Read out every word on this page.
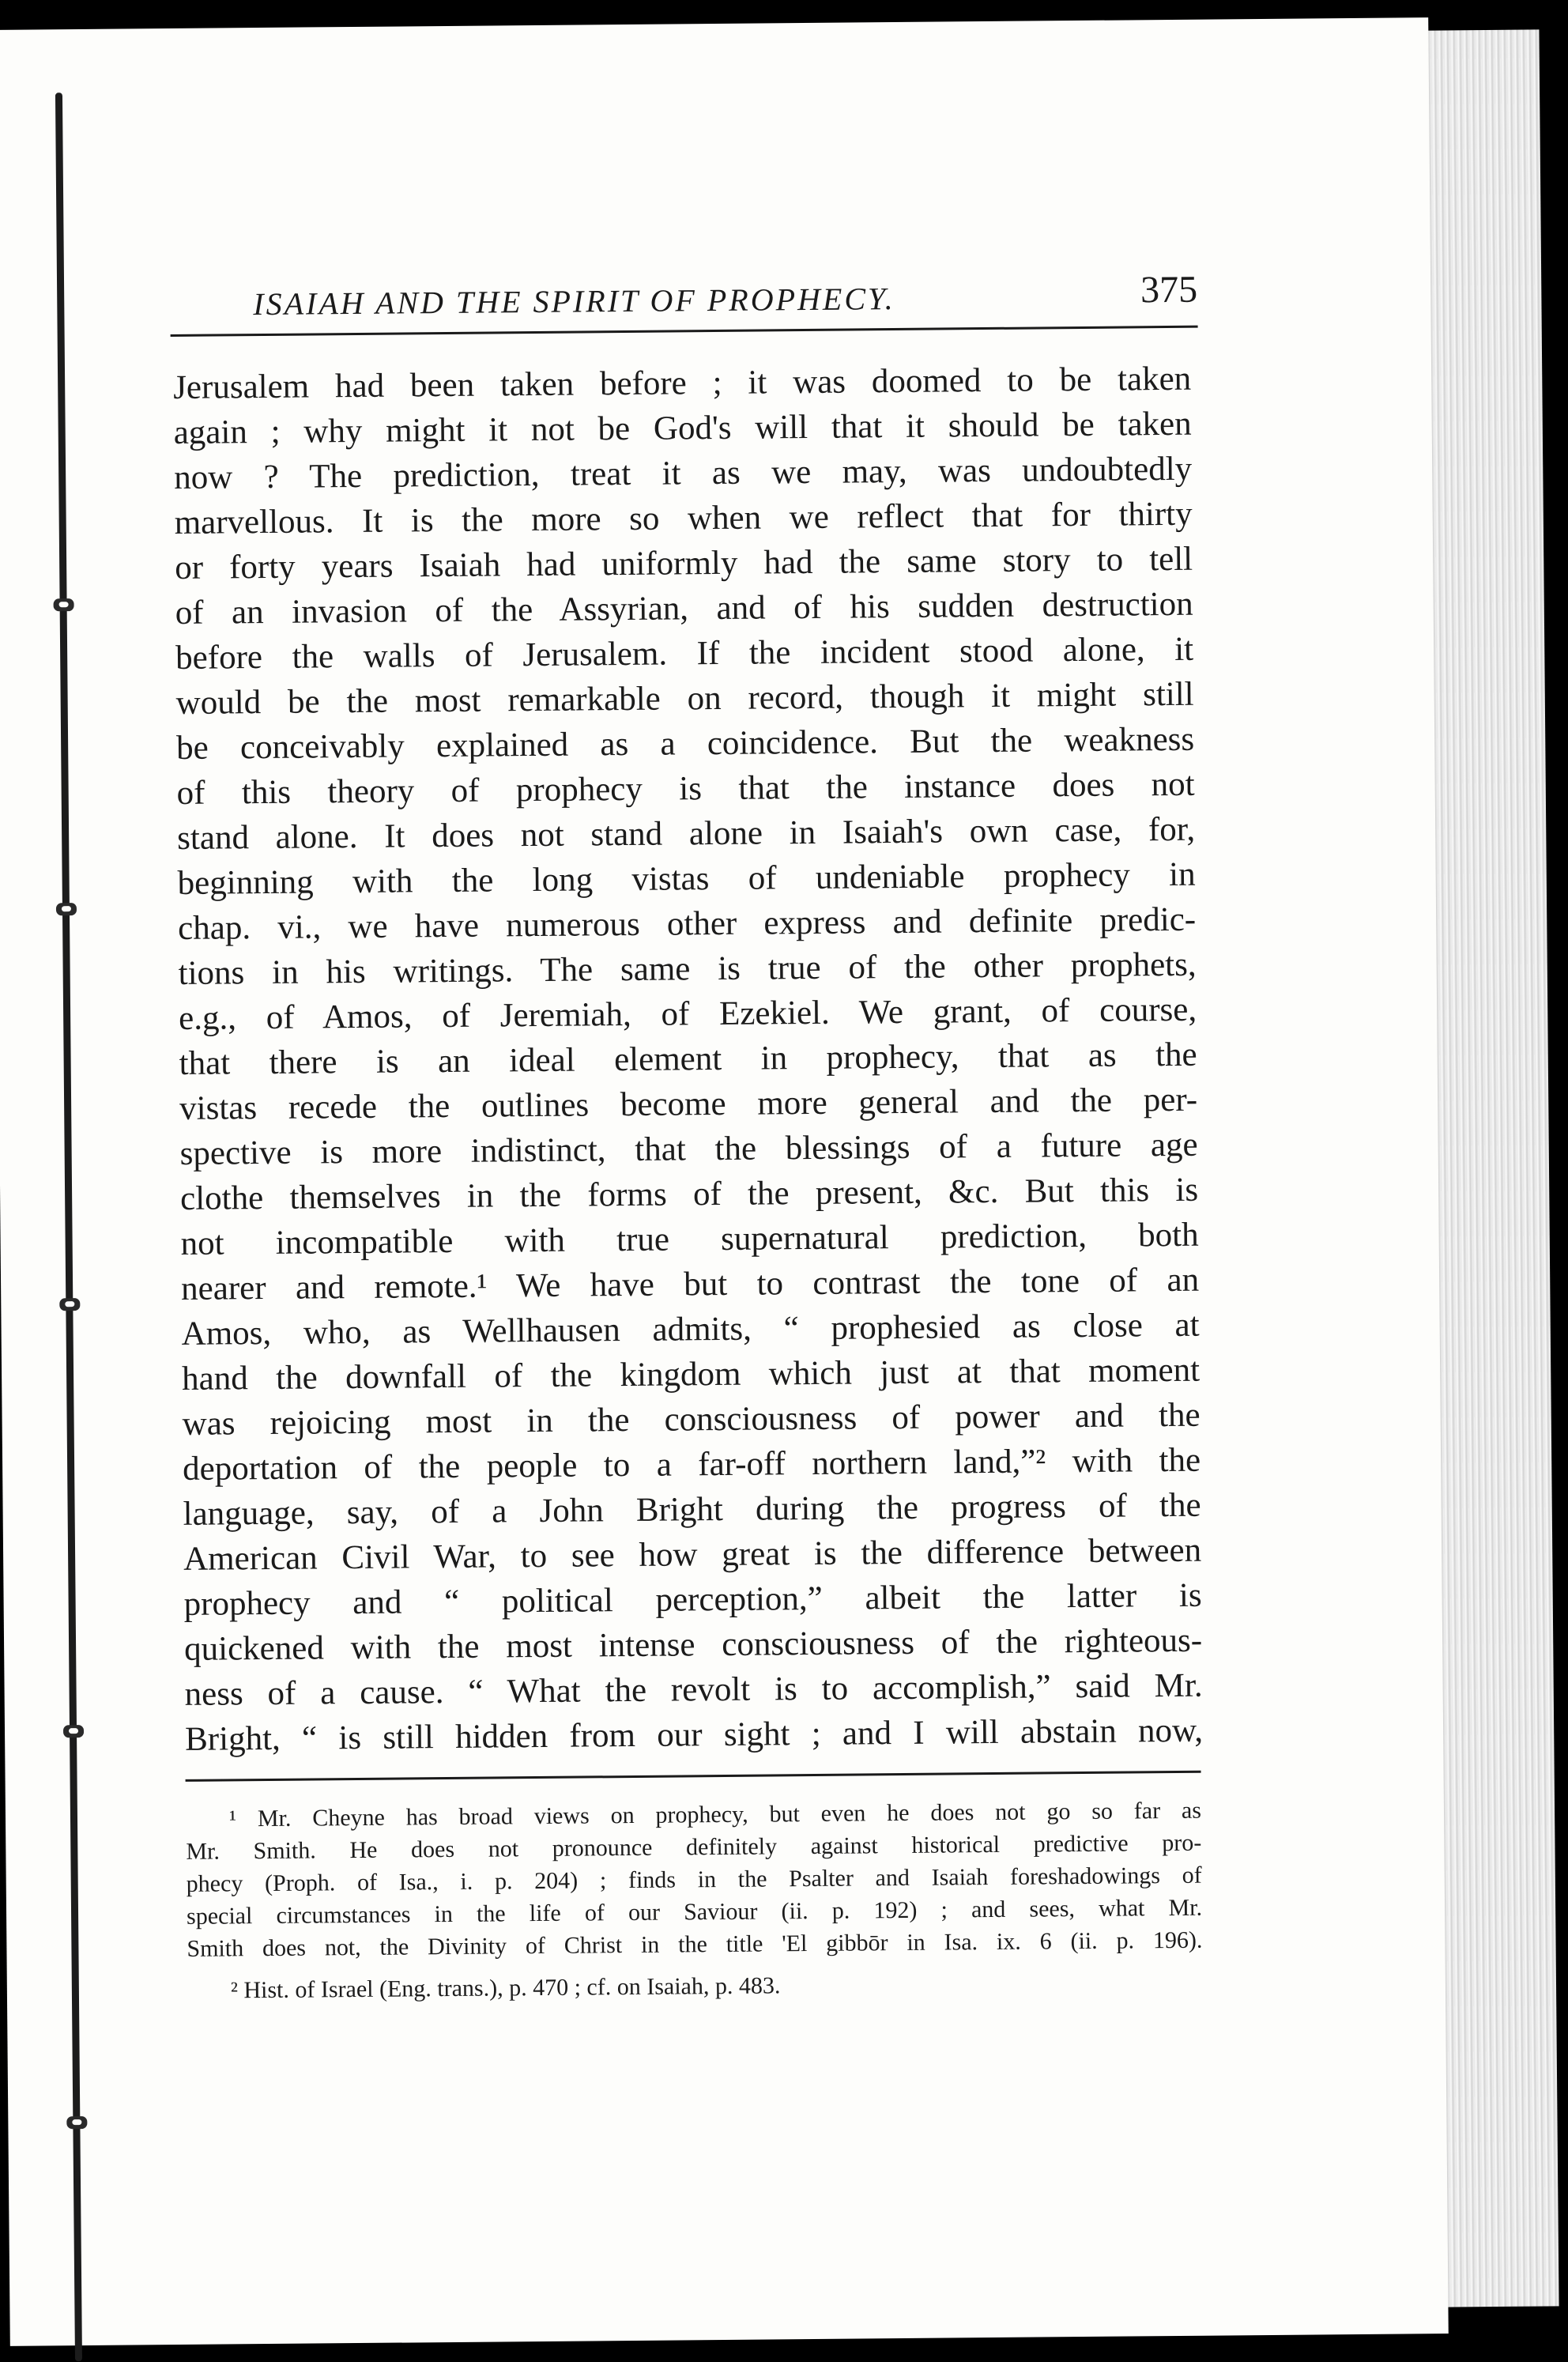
ISAIAH AND THE SPIRIT OF PROPHECY.	375
Jerusalem had been taken before ; it was doomed to be taken
again ; why might it not be God's will that it should be taken
now ? The prediction, treat it as we may, was undoubtedly
marvellous. It is the more so when we reflect that for thirty
or forty years Isaiah had uniformly had the same story to tell
of an invasion of the Assyrian, and of his sudden destruction
before the walls of Jerusalem. If the incident stood alone, it
would be the most remarkable on record, though it might still
be conceivably explained as a coincidence. But the weakness
of this theory of prophecy is that the instance does not
stand alone. It does not stand alone in Isaiah's own case, for,
beginning with the long vistas of undeniable prophecy in
chap. vi., we have numerous other express and definite predic-
tions in his writings. The same is true of the other prophets,
e.g., of Amos, of Jeremiah, of Ezekiel. We grant, of course,
that there is an ideal element in prophecy, that as the
vistas recede the outlines become more general and the per-
spective is more indistinct, that the blessings of a future age
clothe themselves in the forms of the present, &c. But this is
not incompatible with true supernatural prediction, both
nearer and remote.¹ We have but to contrast the tone of an
Amos, who, as Wellhausen admits, “ prophesied as close at
hand the downfall of the kingdom which just at that moment
was rejoicing most in the consciousness of power and the
deportation of the people to a far-off northern land,”² with the
language, say, of a John Bright during the progress of the
American Civil War, to see how great is the difference between
prophecy and “ political perception,” albeit the latter is
quickened with the most intense consciousness of the righteous-
ness of a cause. “ What the revolt is to accomplish,” said Mr.
Bright, “ is still hidden from our sight ; and I will abstain now,
¹ Mr. Cheyne has broad views on prophecy, but even he does not go so far as
Mr. Smith. He does not pronounce definitely against historical predictive pro-
phecy (Proph. of Isa., i. p. 204) ; finds in the Psalter and Isaiah foreshadowings of
special circumstances in the life of our Saviour (ii. p. 192) ; and sees, what Mr.
Smith does not, the Divinity of Christ in the title 'El gibbōr in Isa. ix. 6 (ii. p. 196).
² Hist. of Israel (Eng. trans.), p. 470 ; cf. on Isaiah, p. 483.
